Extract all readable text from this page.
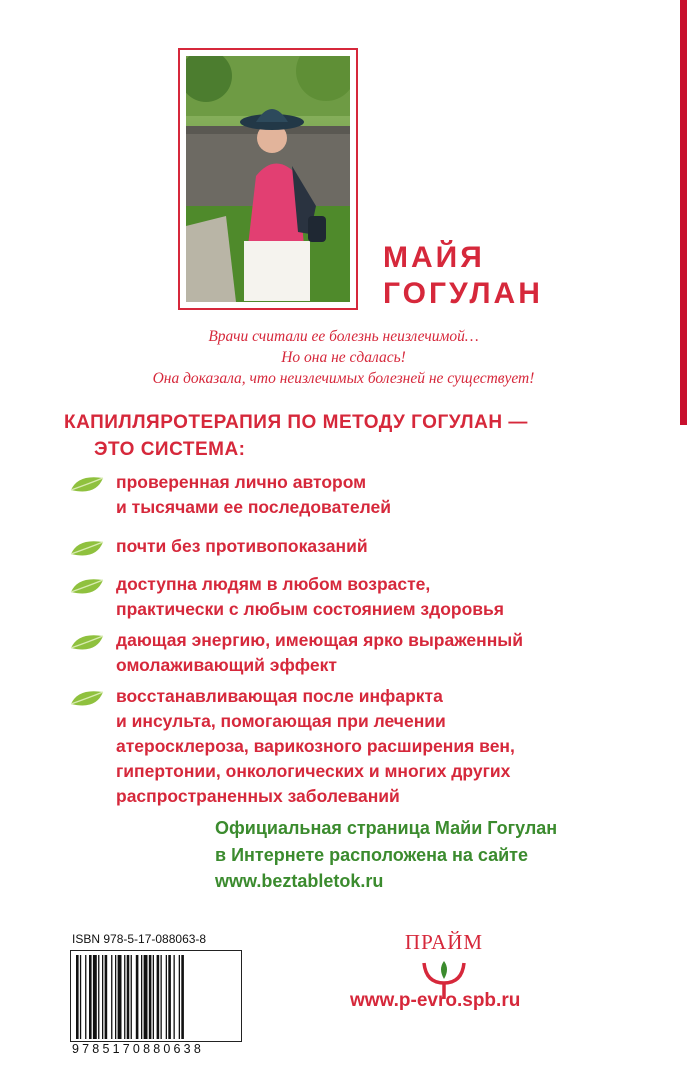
МАЙЯ
ГОГУЛАН
Врачи считали ее болезнь неизлечимой…
Но она не сдалась!
Она доказала, что неизлечимых болезней не существует!
КАПИЛЛЯРОТЕРАПИЯ ПО МЕТОДУ ГОГУЛАН —
ЭТО СИСТЕМА:
проверенная лично автором
и тысячами ее последователей
почти без противопоказаний
доступна людям в любом возрасте,
практически с любым состоянием здоровья
дающая энергию, имеющая ярко выраженный
омолаживающий эффект
восстанавливающая после инфаркта
и инсульта, помогающая при лечении
атеросклероза, варикозного расширения вен,
гипертонии, онкологических и многих других
распространенных заболеваний
Официальная страница Майи Гогулан
в Интернете расположена на сайте
www.beztabletok.ru
ISBN 978-5-17-088063-8
9785170880638
ПРАЙМ
www.p-evro.spb.ru
